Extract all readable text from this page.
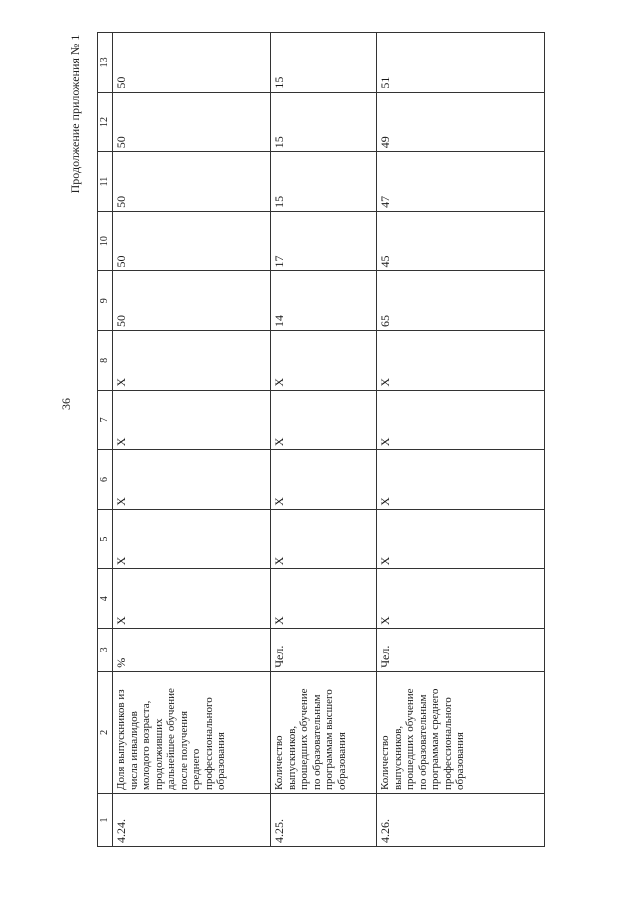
36
Продолжение приложения № 1
1	2	3	4	5	6	7	8	9	10	11	12	13
4.24.	Доля выпускников из числа инвалидов молодого возраста, продолживших дальнейшее обучение после получения среднего профессионального образования	%	X	X	X	X	X	50	50	50	50	50
4.25.	Количество выпускников, прошедших обучение по образовательным программам высшего образования	Чел.	X	X	X	X	X	14	17	15	15	15
4.26.	Количество выпускников, прошедших обучение по образовательным программам среднего профессионального образования	Чел.	X	X	X	X	X	65	45	47	49	51
